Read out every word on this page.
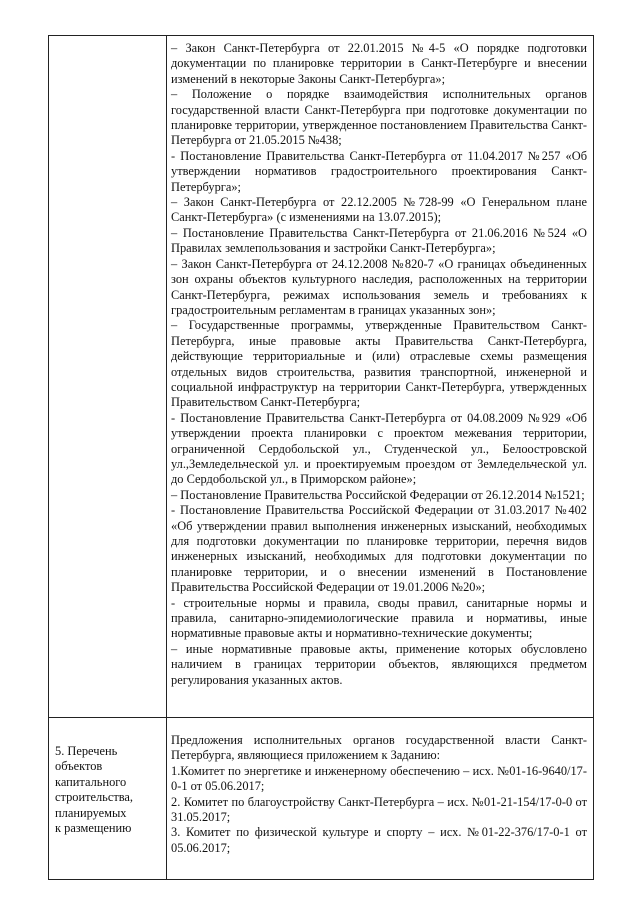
– Закон Санкт-Петербурга от 22.01.2015 №4-5 «О порядке подготовки документации по планировке территории в Санкт-Петербурге и внесении изменений в некоторые Законы Санкт-Петербурга»;

– Положение о порядке взаимодействия исполнительных органов государственной власти Санкт-Петербурга при подготовке документации по планировке территории, утвержденное постановлением Правительства Санкт-Петербурга от 21.05.2015 №438;

- Постановление Правительства Санкт-Петербурга от 11.04.2017 №257 «Об утверждении нормативов градостроительного проектирования Санкт-Петербурга»;

– Закон Санкт-Петербурга от 22.12.2005 №728-99 «О Генеральном плане Санкт-Петербурга» (с изменениями на 13.07.2015);

– Постановление Правительства Санкт-Петербурга от 21.06.2016 №524 «О Правилах землепользования и застройки Санкт-Петербурга»;

– Закон Санкт-Петербурга от 24.12.2008 №820-7 «О границах объединенных зон охраны объектов культурного наследия, расположенных на территории Санкт-Петербурга, режимах использования земель и требованиях к градостроительным регламентам в границах указанных зон»;

– Государственные программы, утвержденные Правительством Санкт-Петербурга, иные правовые акты Правительства Санкт-Петербурга, действующие территориальные и (или) отраслевые схемы размещения отдельных видов строительства, развития транспортной, инженерной и социальной инфраструктур на территории Санкт-Петербурга, утвержденных Правительством Санкт-Петербурга;

- Постановление Правительства Санкт-Петербурга от 04.08.2009 №929 «Об утверждении проекта планировки с проектом межевания территории, ограниченной Сердобольской ул., Студенческой ул., Белоостровской ул.,Земледельческой ул. и проектируемым проездом от Земледельческой ул. до Сердобольской ул., в Приморском районе»;

– Постановление Правительства Российской Федерации от 26.12.2014 №1521;

- Постановление Правительства Российской Федерации от 31.03.2017 №402 «Об утверждении правил выполнения инженерных изысканий, необходимых для подготовки документации по планировке территории, перечня видов инженерных изысканий, необходимых для подготовки документации по планировке территории, и о внесении изменений в Постановление Правительства Российской Федерации от 19.01.2006 №20»;

- строительные нормы и правила, своды правил, санитарные нормы и правила, санитарно-эпидемиологические правила и нормативы, иные нормативные правовые акты и нормативно-технические документы;

– иные нормативные правовые акты, применение которых обусловлено наличием в границах территории объектов, являющихся предметом регулирования указанных актов.

5. Перечень

объектов

капитального

строительства,

планируемых

к размещению

Предложения исполнительных органов государственной власти Санкт-Петербурга, являющиеся приложением к Заданию:

1.Комитет по энергетике и инженерному обеспечению – исх. №01-16-9640/17-0-1 от 05.06.2017;

2. Комитет по благоустройству Санкт-Петербурга – исх. №01-21-154/17-0-0 от 31.05.2017;

3. Комитет по физической культуре и спорту – исх. №01-22-376/17-0-1 от 05.06.2017;
